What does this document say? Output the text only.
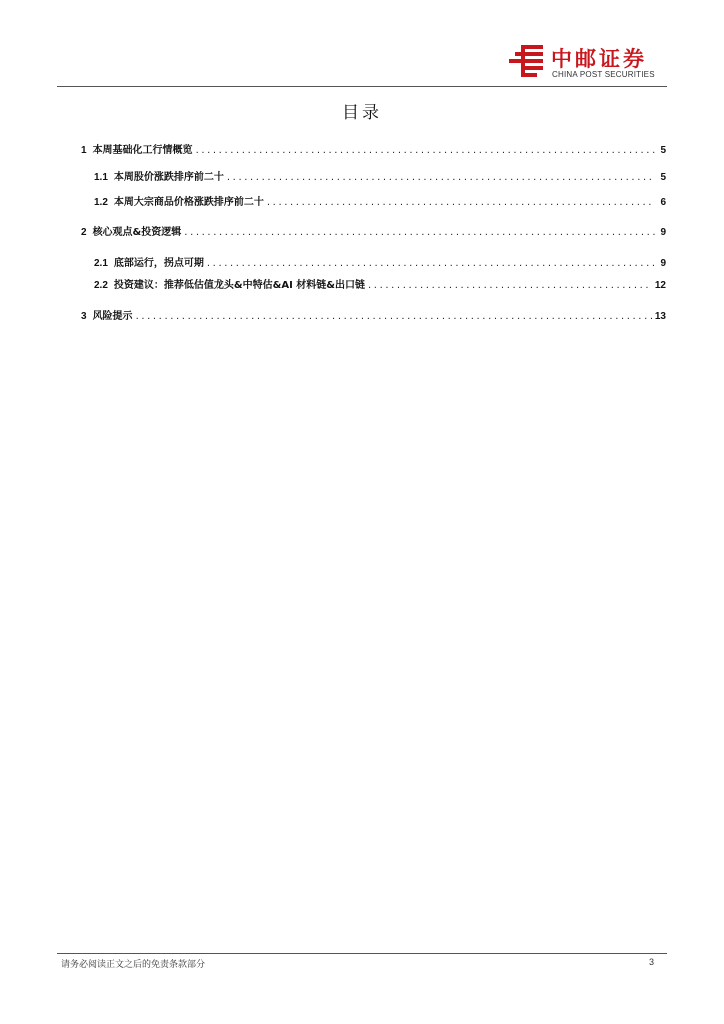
中邮证券
CHINA POST SECURITIES
目录
1 本周基础化工行情概览 .....	5
1.1 本周股价涨跌排序前二十 .....	5
1.2 本周大宗商品价格涨跌排序前二十 .....	6
2 核心观点&投资逻辑 .....	9
2.1 底部运行，拐点可期 .....	9
2.2 投资建议：推荐低估值龙头&中特估&AI 材料链&出口链 .....	12
3 风险提示 .....	13
请务必阅读正文之后的免责条款部分	3
